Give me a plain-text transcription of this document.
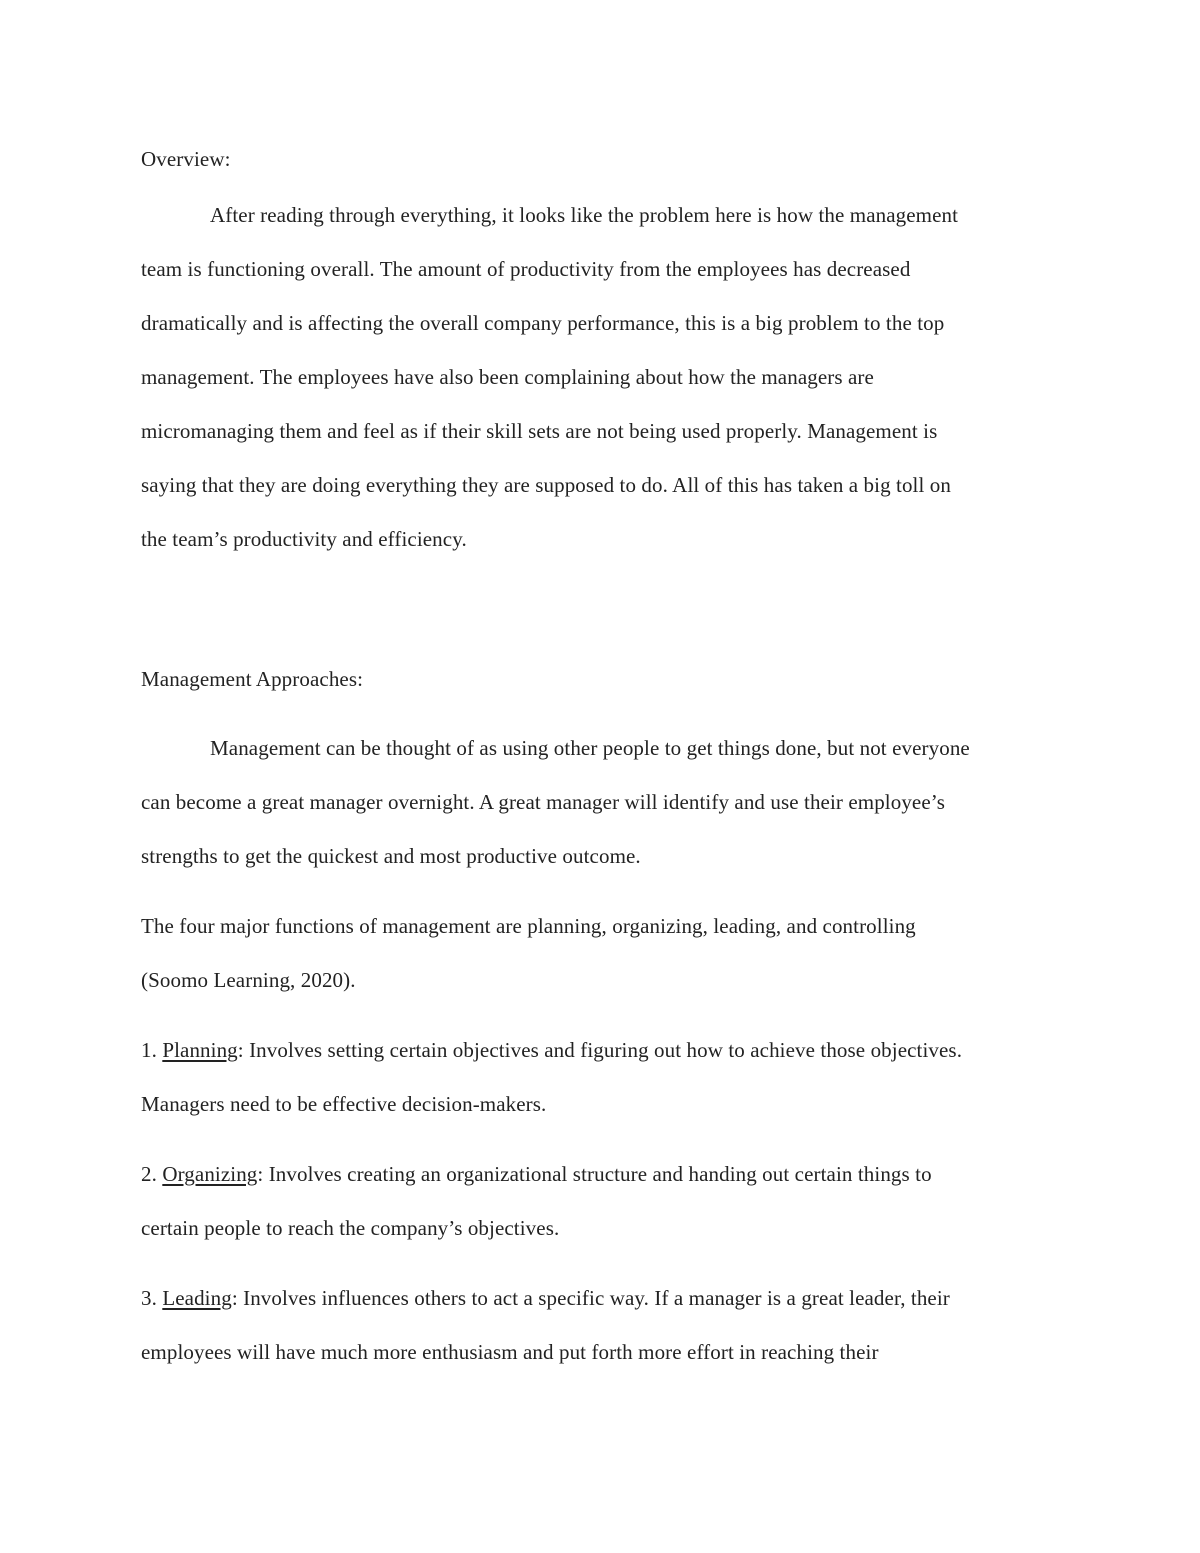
Overview:
After reading through everything, it looks like the problem here is how the management
team is functioning overall. The amount of productivity from the employees has decreased
dramatically and is affecting the overall company performance, this is a big problem to the top
management. The employees have also been complaining about how the managers are
micromanaging them and feel as if their skill sets are not being used properly. Management is
saying that they are doing everything they are supposed to do. All of this has taken a big toll on
the team’s productivity and efficiency.
Management Approaches:
Management can be thought of as using other people to get things done, but not everyone
can become a great manager overnight. A great manager will identify and use their employee’s
strengths to get the quickest and most productive outcome.
The four major functions of management are planning, organizing, leading, and controlling
(Soomo Learning, 2020).
1. Planning: Involves setting certain objectives and figuring out how to achieve those objectives.
Managers need to be effective decision-makers.
2. Organizing: Involves creating an organizational structure and handing out certain things to
certain people to reach the company’s objectives.
3. Leading: Involves influences others to act a specific way. If a manager is a great leader, their
employees will have much more enthusiasm and put forth more effort in reaching their
